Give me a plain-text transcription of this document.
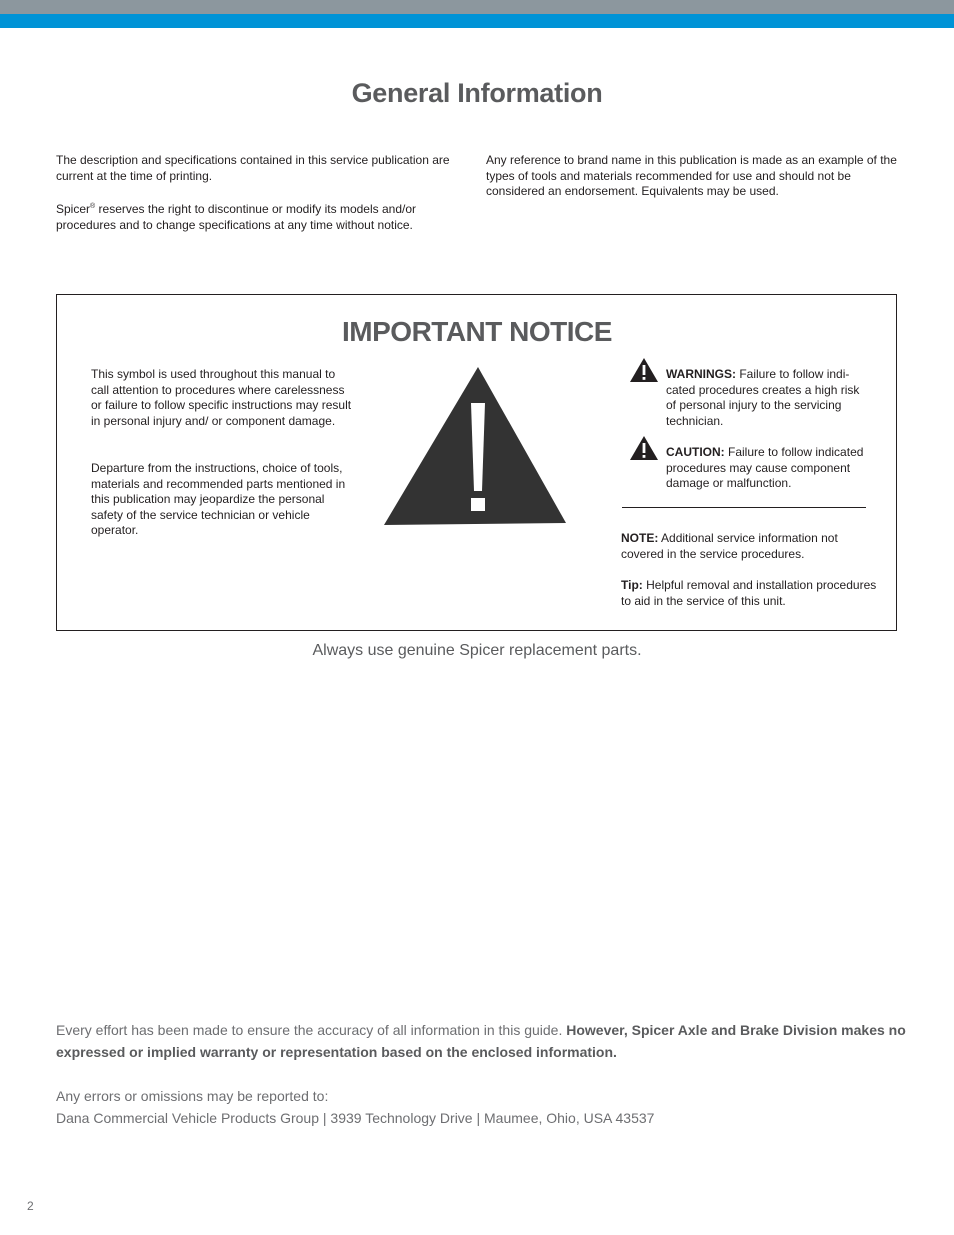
General Information

The description and specifications contained in this service publication are current at the time of printing.

Spicer® reserves the right to discontinue or modify its models and/or procedures and to change specifications at any time without notice.

Any reference to brand name in this publication is made as an example of the types of tools and materials recommended for use and should not be considered an endorsement. Equivalents may be used.

IMPORTANT NOTICE

This symbol is used throughout this manual to call attention to procedures where carelessness or failure to follow specific instructions may result in personal injury and/ or component damage.

Departure from the instructions, choice of tools, materials and recommended parts mentioned in this publication may jeopardize the personal safety of the service technician or vehicle operator.

WARNINGS: Failure to follow indi-cated procedures creates a high risk of personal injury to the servicing technician.

CAUTION: Failure to follow indicated procedures may cause component damage or malfunction.

NOTE: Additional service information not covered in the service procedures.

Tip: Helpful removal and installation procedures to aid in the service of this unit.

Always use genuine Spicer replacement parts.

Every effort has been made to ensure the accuracy of all information in this guide. However, Spicer Axle and Brake Division makes no expressed or implied warranty or representation based on the enclosed information.

Any errors or omissions may be reported to:
Dana Commercial Vehicle Products Group | 3939 Technology Drive | Maumee, Ohio, USA 43537

2
